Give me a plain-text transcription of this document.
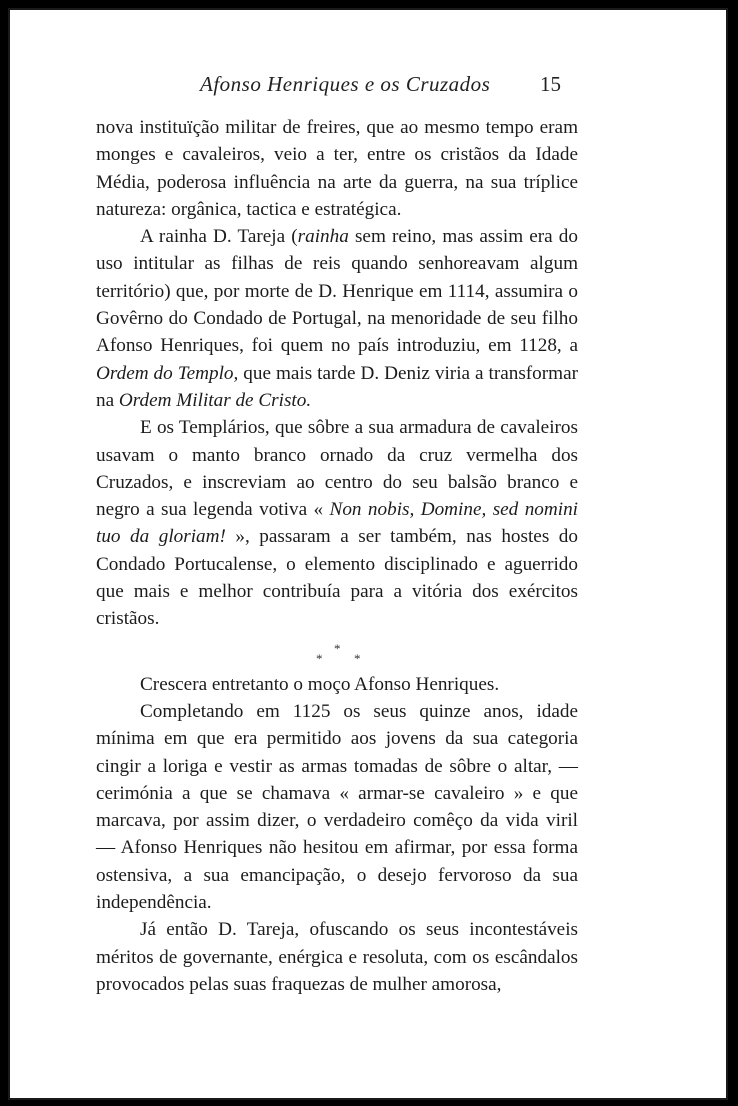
Afonso Henriques e os Cruzados 15

nova instituïção militar de freires, que ao mesmo tempo eram monges e cavaleiros, veio a ter, entre os cristãos da Idade Média, poderosa influência na arte da guerra, na sua tríplice natureza: orgânica, tactica e estratégica.

A rainha D. Tareja (rainha sem reino, mas assim era do uso intitular as filhas de reis quando senhoreavam algum território) que, por morte de D. Henrique em 1114, assumira o Govêrno do Condado de Portugal, na menoridade de seu filho Afonso Henriques, foi quem no país introduziu, em 1128, a Ordem do Templo, que mais tarde D. Deniz viria a transformar na Ordem Militar de Cristo.

E os Templários, que sôbre a sua armadura de cavaleiros usavam o manto branco ornado da cruz vermelha dos Cruzados, e inscreviam ao centro do seu balsão branco e negro a sua legenda votiva « Non nobis, Domine, sed nomini tuo da gloriam! », passaram a ser também, nas hostes do Condado Portucalense, o elemento disciplinado e aguerrido que mais e melhor contribuía para a vitória dos exércitos cristãos.

*
* *

Crescera entretanto o moço Afonso Henriques.

Completando em 1125 os seus quinze anos, idade mínima em que era permitido aos jovens da sua categoria cingir a loriga e vestir as armas tomadas de sôbre o altar, — cerimónia a que se chamava « armar-se cavaleiro » e que marcava, por assim dizer, o verdadeiro comêço da vida viril — Afonso Henriques não hesitou em afirmar, por essa forma ostensiva, a sua emancipação, o desejo fervoroso da sua independência.

Já então D. Tareja, ofuscando os seus incontestáveis méritos de governante, enérgica e resoluta, com os escândalos provocados pelas suas fraquezas de mulher amorosa,
